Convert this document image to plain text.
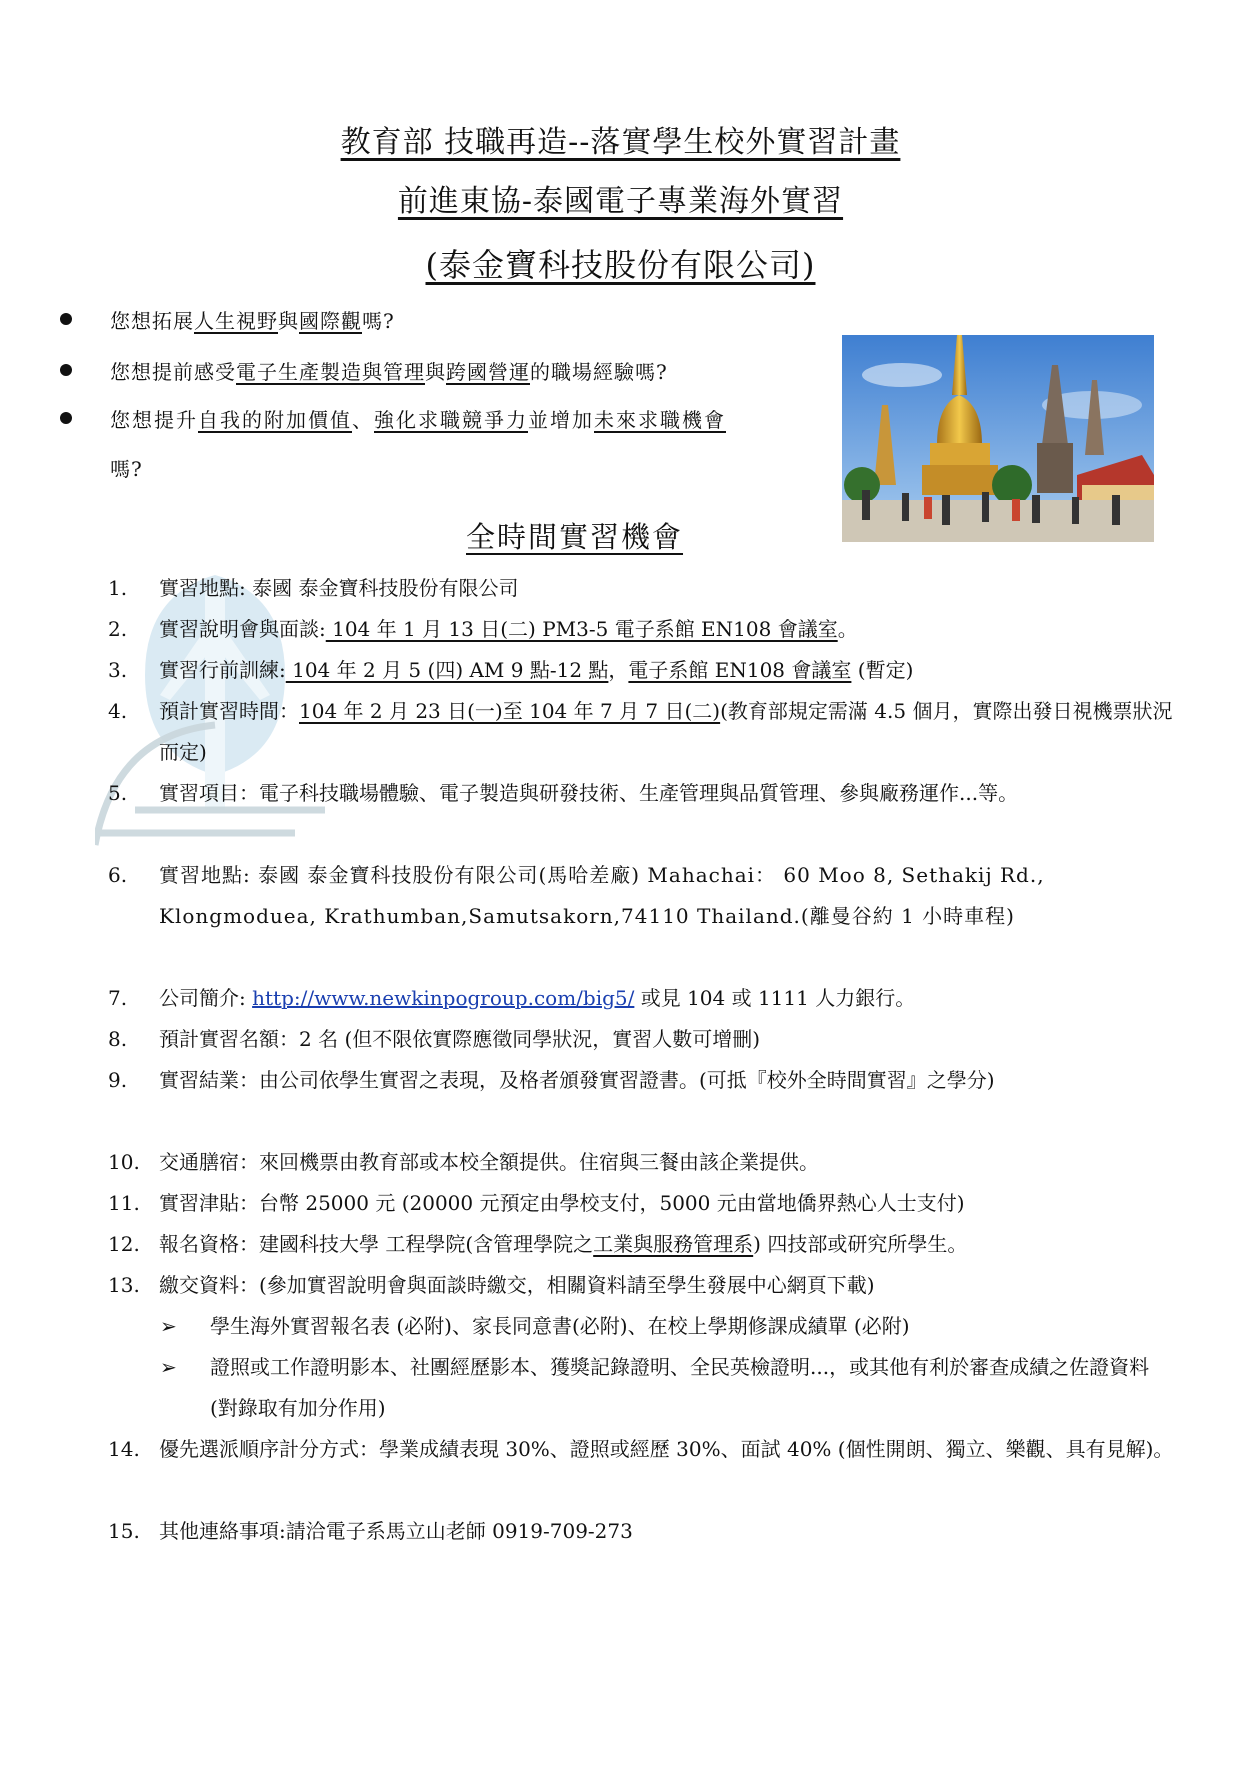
教育部 技職再造--落實學生校外實習計畫
前進東協-泰國電子專業海外實習
(泰金寶科技股份有限公司)
您想拓展人生視野與國際觀嗎?
您想提前感受電子生產製造與管理與跨國營運的職場經驗嗎?
您想提升自我的附加價值、強化求職競爭力並增加未來求職機會
嗎?
全時間實習機會
1. 實習地點: 泰國 泰金寶科技股份有限公司
2. 實習說明會與面談: 104 年 1 月 13 日(二) PM3-5 電子系館 EN108 會議室。
3. 實習行前訓練: 104 年 2 月 5 (四) AM 9 點-12 點，電子系館 EN108 會議室 (暫定)
4. 預計實習時間：104 年 2 月 23 日(一)至 104 年 7 月 7 日(二)(教育部規定需滿 4.5 個月，實際出發日視機票狀況而定)
5. 實習項目：電子科技職場體驗、電子製造與研發技術、生產管理與品質管理、參與廠務運作...等。
6. 實習地點: 泰國 泰金寶科技股份有限公司(馬哈差廠) Mahachai： 60 Moo 8, Sethakij Rd., Klongmoduea, Krathumban,Samutsakorn,74110 Thailand.(離曼谷約 1 小時車程)
7. 公司簡介: http://www.newkinpogroup.com/big5/ 或見 104 或 1111 人力銀行。
8. 預計實習名額：2 名 (但不限依實際應徵同學狀況，實習人數可增刪)
9. 實習結業：由公司依學生實習之表現，及格者頒發實習證書。(可抵『校外全時間實習』之學分)
10. 交通膳宿：來回機票由教育部或本校全額提供。住宿與三餐由該企業提供。
11. 實習津貼：台幣 25000 元 (20000 元預定由學校支付，5000 元由當地僑界熱心人士支付)
12. 報名資格：建國科技大學 工程學院(含管理學院之工業與服務管理系) 四技部或研究所學生。
13. 繳交資料：(參加實習說明會與面談時繳交，相關資料請至學生發展中心網頁下載)
➢ 學生海外實習報名表 (必附)、家長同意書(必附)、在校上學期修課成績單 (必附)
➢ 證照或工作證明影本、社團經歷影本、獲獎記錄證明、全民英檢證明...，或其他有利於審查成績之佐證資料 (對錄取有加分作用)
14. 優先選派順序計分方式：學業成績表現 30%、證照或經歷 30%、面試 40% (個性開朗、獨立、樂觀、具有見解)。
15. 其他連絡事項:請洽電子系馬立山老師 0919-709-273
